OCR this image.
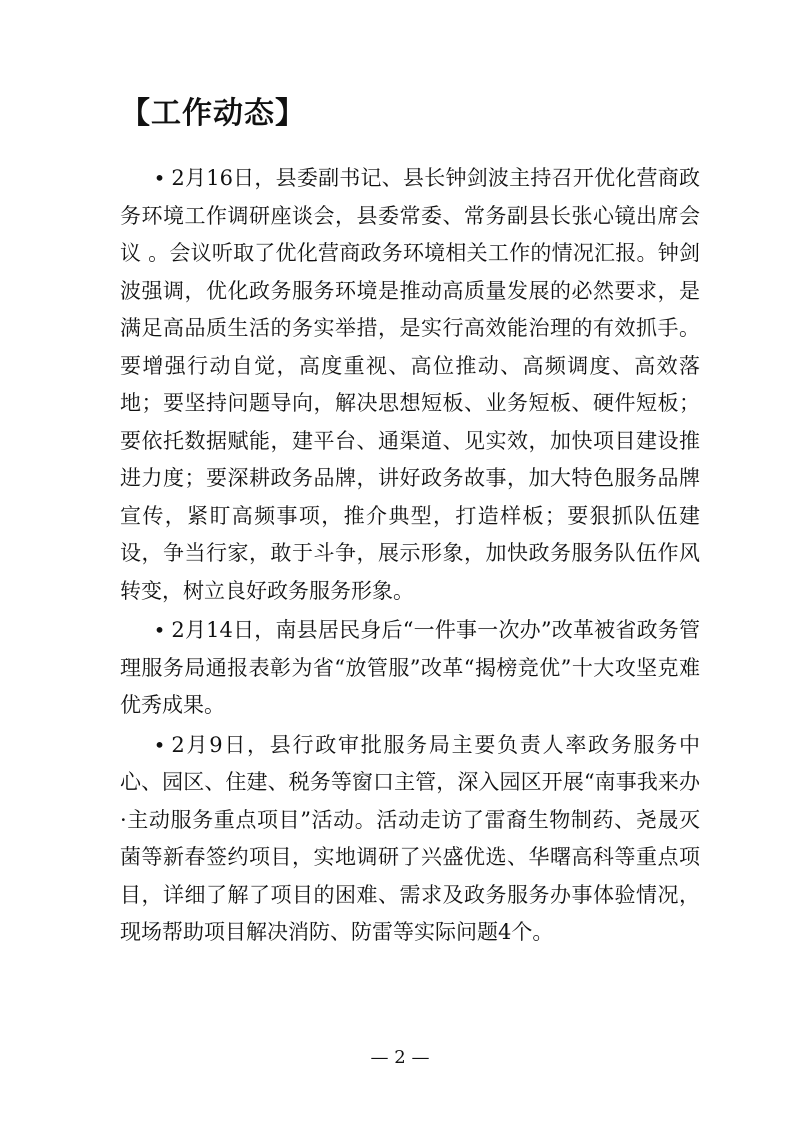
【工作动态】
• 2月16日，县委副书记、县长钟剑波主持召开优化营商政务环境工作调研座谈会，县委常委、常务副县长张心镜出席会议 。会议听取了优化营商政务环境相关工作的情况汇报。钟剑波强调，优化政务服务环境是推动高质量发展的必然要求，是满足高品质生活的务实举措，是实行高效能治理的有效抓手。要增强行动自觉，高度重视、高位推动、高频调度、高效落地；要坚持问题导向，解决思想短板、业务短板、硬件短板；要依托数据赋能，建平台、通渠道、见实效，加快项目建设推进力度；要深耕政务品牌，讲好政务故事，加大特色服务品牌宣传，紧盯高频事项，推介典型，打造样板；要狠抓队伍建设，争当行家，敢于斗争，展示形象，加快政务服务队伍作风转变，树立良好政务服务形象。
• 2月14日，南县居民身后“一件事一次办”改革被省政务管理服务局通报表彰为省“放管服”改革“揭榜竞优”十大攻坚克难优秀成果。
• 2月9日，县行政审批服务局主要负责人率政务服务中心、园区、住建、税务等窗口主管，深入园区开展“南事我来办·主动服务重点项目”活动。活动走访了雷裔生物制药、尧晟灭菌等新春签约项目，实地调研了兴盛优选、华曙高科等重点项目，详细了解了项目的困难、需求及政务服务办事体验情况，现场帮助项目解决消防、防雷等实际问题4个。
— 2 —
